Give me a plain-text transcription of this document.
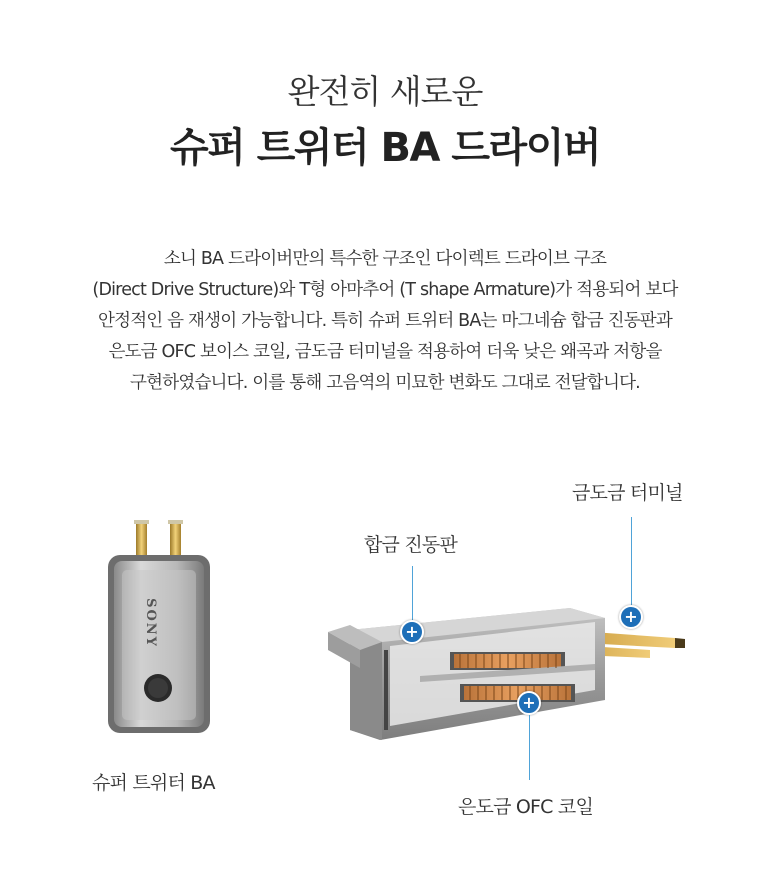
완전히 새로운
슈퍼 트위터 BA 드라이버
소니 BA 드라이버만의 특수한 구조인 다이렉트 드라이브 구조
(Direct Drive Structure)와 T형 아마추어 (T shape Armature)가 적용되어 보다
안정적인 음 재생이 가능합니다. 특히 슈퍼 트위터 BA는 마그네슘 합금 진동판과
은도금 OFC 보이스 코일, 금도금 터미널을 적용하여 더욱 낮은 왜곡과 저항을
구현하였습니다. 이를 통해 고음역의 미묘한 변화도 그대로 전달합니다.
SONY
슈퍼 트위터 BA
금도금 터미널
+
합금 진동판
+
+
은도금 OFC 코일
